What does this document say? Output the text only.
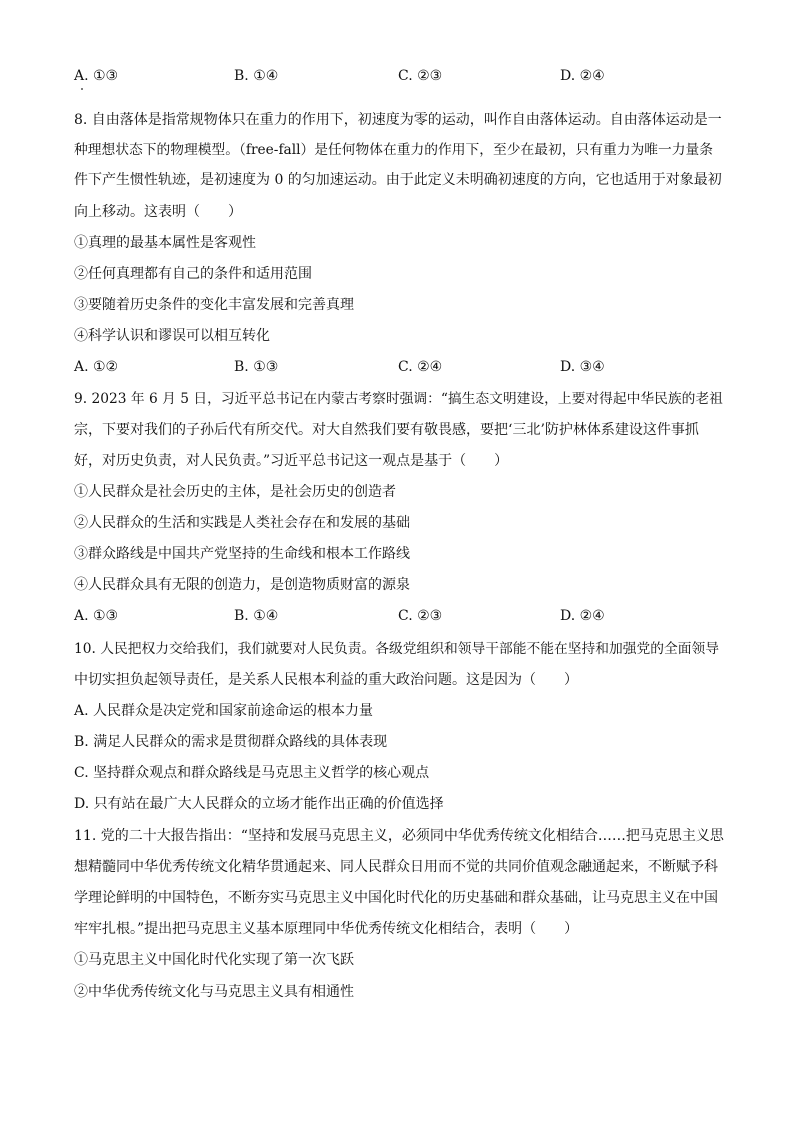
A. ①③	B. ①④	C. ②③	D. ②④
8. 自由落体是指常规物体只在重力的作用下，初速度为零的运动，叫作自由落体运动。自由落体运动是一
种理想状态下的物理模型。（free-fall）是任何物体在重力的作用下，至少在最初，只有重力为唯一力量条
件下产生惯性轨迹，是初速度为 0 的匀加速运动。由于此定义未明确初速度的方向，它也适用于对象最初
向上移动。这表明（　　）
①真理的最基本属性是客观性
②任何真理都有自己的条件和适用范围
③要随着历史条件的变化丰富发展和完善真理
④科学认识和谬误可以相互转化
A. ①②	B. ①③	C. ②④	D. ③④
9. 2023 年 6 月 5 日，习近平总书记在内蒙古考察时强调：“搞生态文明建设，上要对得起中华民族的老祖
宗，下要对我们的子孙后代有所交代。对大自然我们要有敬畏感，要把‘三北’防护林体系建设这件事抓
好，对历史负责，对人民负责。”习近平总书记这一观点是基于（　　）
①人民群众是社会历史的主体，是社会历史的创造者
②人民群众的生活和实践是人类社会存在和发展的基础
③群众路线是中国共产党坚持的生命线和根本工作路线
④人民群众具有无限的创造力，是创造物质财富的源泉
A. ①③	B. ①④	C. ②③	D. ②④
10. 人民把权力交给我们，我们就要对人民负责。各级党组织和领导干部能不能在坚持和加强党的全面领导
中切实担负起领导责任，是关系人民根本利益的重大政治问题。这是因为（　　）
A. 人民群众是决定党和国家前途命运的根本力量
B. 满足人民群众的需求是贯彻群众路线的具体表现
C. 坚持群众观点和群众路线是马克思主义哲学的核心观点
D. 只有站在最广大人民群众的立场才能作出正确的价值选择
11. 党的二十大报告指出：“坚持和发展马克思主义，必须同中华优秀传统文化相结合……把马克思主义思
想精髓同中华优秀传统文化精华贯通起来、同人民群众日用而不觉的共同价值观念融通起来，不断赋予科
学理论鲜明的中国特色，不断夯实马克思主义中国化时代化的历史基础和群众基础，让马克思主义在中国
牢牢扎根。”提出把马克思主义基本原理同中华优秀传统文化相结合，表明（　　）
①马克思主义中国化时代化实现了第一次飞跃
②中华优秀传统文化与马克思主义具有相通性
